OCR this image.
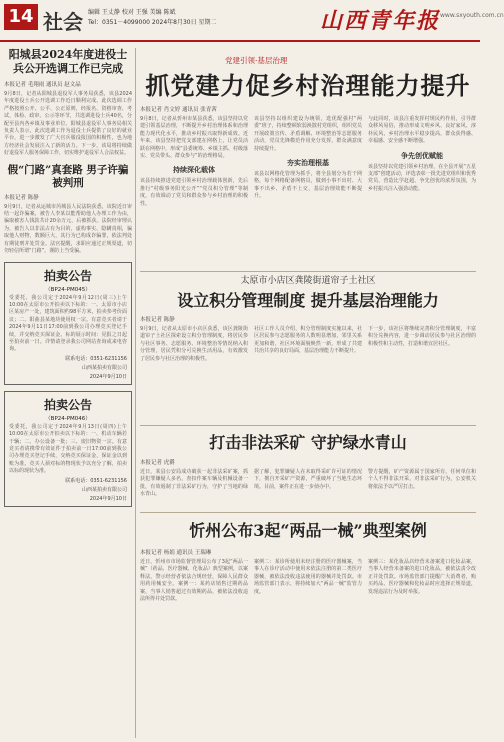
14 社会 编辑 王丈静 校对 王强 美编 陈斌
Tel：0351－4099000 2024年8月30日 星期二	山西青年报 www.sxyouth.com.cn

阳城县2024年度进役士兵公开选调工作已完成

本报记者 毛翔雨 通讯员 赵文晶

9月8日，记者从阳城县退役军人事务局获悉，该县2024年度进役士兵公开选调工作近日顺利完成。此次选调工作严格按照公开、公平、公正原则，经报名、资格审查、考试、体检、政审、公示等环节，共选调进役士兵40名，分配至县内各乡镇及事业单位。阳城县退役军人事务局相关负责人表示，此次选调工作为退役士兵提供了良好的就业平台，进一步激发了广大官兵服役报国的积极性，也为地方经济社会发展注入了新的活力。下一步，该局将持续做好退役军人服务保障工作，切实维护退役军人合法权益。

假“门路”真套路 男子许骗被判刑

本报记者 陈静

9月9日，记者从运城市芮城县人民法院获悉，该院近日审结一起诈骗案，被告人李某以能帮助他人办理工作为由，骗取被害人钱款共计20余万元，后被抓获。法院经审理认为，被告人以非法占有为目的，虚构事实、隐瞒真相，骗取他人财物，数额巨大，其行为已构成诈骗罪，依法判处有期徒刑并处罚金。法官提醒，求职应通过正规渠道，切勿轻信所谓“门路”，谨防上当受骗。

拍卖公告

（BP24-PM045）

受委托，我公司定于2024年9月12日(周三)上午10:00在太原市公开拍卖以下标的：一、太原市小店区某房产一处，建筑面积约98平方米，拍卖参考价面议；二、阳曲县某地块使用权一宗。有意竞买者请于2024年9月11日17:00前到我公司办理竞买登记手续，并交纳竞买保证金。标的展示时间：见报之日起至拍卖前一日。详情请登录我公司网站查询或来电咨询。

联系电话：0351-6231156

山西某拍卖有限公司

2024年9月10日

拍卖公告

（BP24-PM046）

受委托，我公司定于2024年9月13日(周四)上午10:00在太原市公开拍卖以下标的：一、机动车辆若干辆；二、办公设备一批；三、废旧物资一宗。有意竞买者请携带有效证件于拍卖前一日17:00前到我公司办理竞买登记手续，交纳竞买保证金，保证金以到账为准。竞买人须对标的物现状予以充分了解，拍卖以标的现状为准。

联系电话：0351-6231156

山西某拍卖有限公司

2024年9月10日

党建引领·基层治理
抓党建力促乡村治理能力提升

本报记者 肖文婷 通讯员 张青茜

9月8日，记者从忻州市某县获悉，该县坚持以党建引领基层治理，不断提升乡村治理体系和治理能力现代化水平，推动乡村振兴取得新成效。近年来，该县坚持把党支部建在网格上，让党员活跃在网格中，形成“县委统筹、乡镇主抓、村级落实、党员带头、群众参与”的治理格局。

持续深化载体

该县持续推进党建引领乡村治理载体创新，先后推行“村级事务阳光公开”“党员积分管理”等制度，有效调动了党员和群众参与乡村治理的积极性。

该县坚持以组织建设为统领，选优配强村“两委”班子，持续整顿软弱涣散村党组织，组织党员开展政策宣传、矛盾调解、环境整治等志愿服务活动，党员先锋模范作用充分发挥，群众满意度持续提升。

夯实治理根基

该县以网格化管理为抓手，将全县划分为若干网格，每个网格配备网格员，做到小事不出村、大事不出乡、矛盾不上交，基层治理效能不断提升。

与此同时，该县注重发挥村规民约作用，引导群众移风易俗，推动形成文明乡风、良好家风、淳朴民风，乡村治理水平稳步提高，群众获得感、幸福感、安全感不断增强。

争先创优赋能

该县坚持以党建引领乡村治理，在全县开展“五星支部”创建活动，评选表彰一批先进党组织和优秀党员，营造比学赶超、争先创优的浓厚氛围，为乡村振兴注入强劲动能。

太原市小店区龚陵街道帘子土社区
设立积分管理制度 提升基层治理能力

本报记者 陈静

9月9日，记者从太原市小店区获悉，该区龚陵街道帘子土社区探索设立积分管理制度，将居民参与社区事务、志愿服务、环境整治等情况纳入积分管理，居民凭积分可兑换生活用品，有效激发了居民参与社区治理的积极性。

社区工作人员介绍，积分管理制度实施以来，社区居民参与志愿服务的人数明显增加，邻里关系更加和谐，社区环境面貌焕然一新，形成了共建共治共享的良好局面，基层治理能力不断提升。

下一步，该社区将继续完善积分管理制度，丰富积分兑换内容，进一步调动居民参与社区治理的积极性和主动性，打造和谐宜居社区。

打击非法采矿 守护绿水青山

本报记者 虎爵

近日，某县公安局成功破获一起非法采矿案，抓获犯罪嫌疑人多名，查扣作案车辆及机械设备一批，有效遏制了非法采矿行为，守护了当地的绿水青山。

据了解，犯罪嫌疑人在未取得采矿许可证的情况下，擅自开采矿产资源，严重破坏了当地生态环境。目前，案件正在进一步侦办中。

警方提醒，矿产资源属于国家所有，任何单位和个人不得非法开采，对非法采矿行为，公安机关将依法予以严厉打击。

忻州公布3起“两品一械”典型案例

本报记者 杨娟 通讯员 王瑞琳

近日，忻州市市场监督管理局公布了3起“两品一械”（药品、医疗器械、化妆品）典型案例，以案释法，警示经营者依法合规经营，保障人民群众用药用械安全。案例一：某药店销售过期药品案，当事人销售超过有效期药品，被依法没收违法所得并处罚款。

案例二：某诊所使用未经注册的医疗器械案，当事人在诊疗活动中使用未依法注册的第二类医疗器械，被依法没收违法使用的器械并处罚款。市场监管部门表示，将持续加大“两品一械”监管力度。

案例三：某化妆品店经营未备案进口化妆品案，当事人经营未备案的进口化妆品，被依法责令改正并处罚款。市场监管部门提醒广大消费者，购买药品、医疗器械和化妆品时应选择正规渠道，发现违法行为及时举报。
